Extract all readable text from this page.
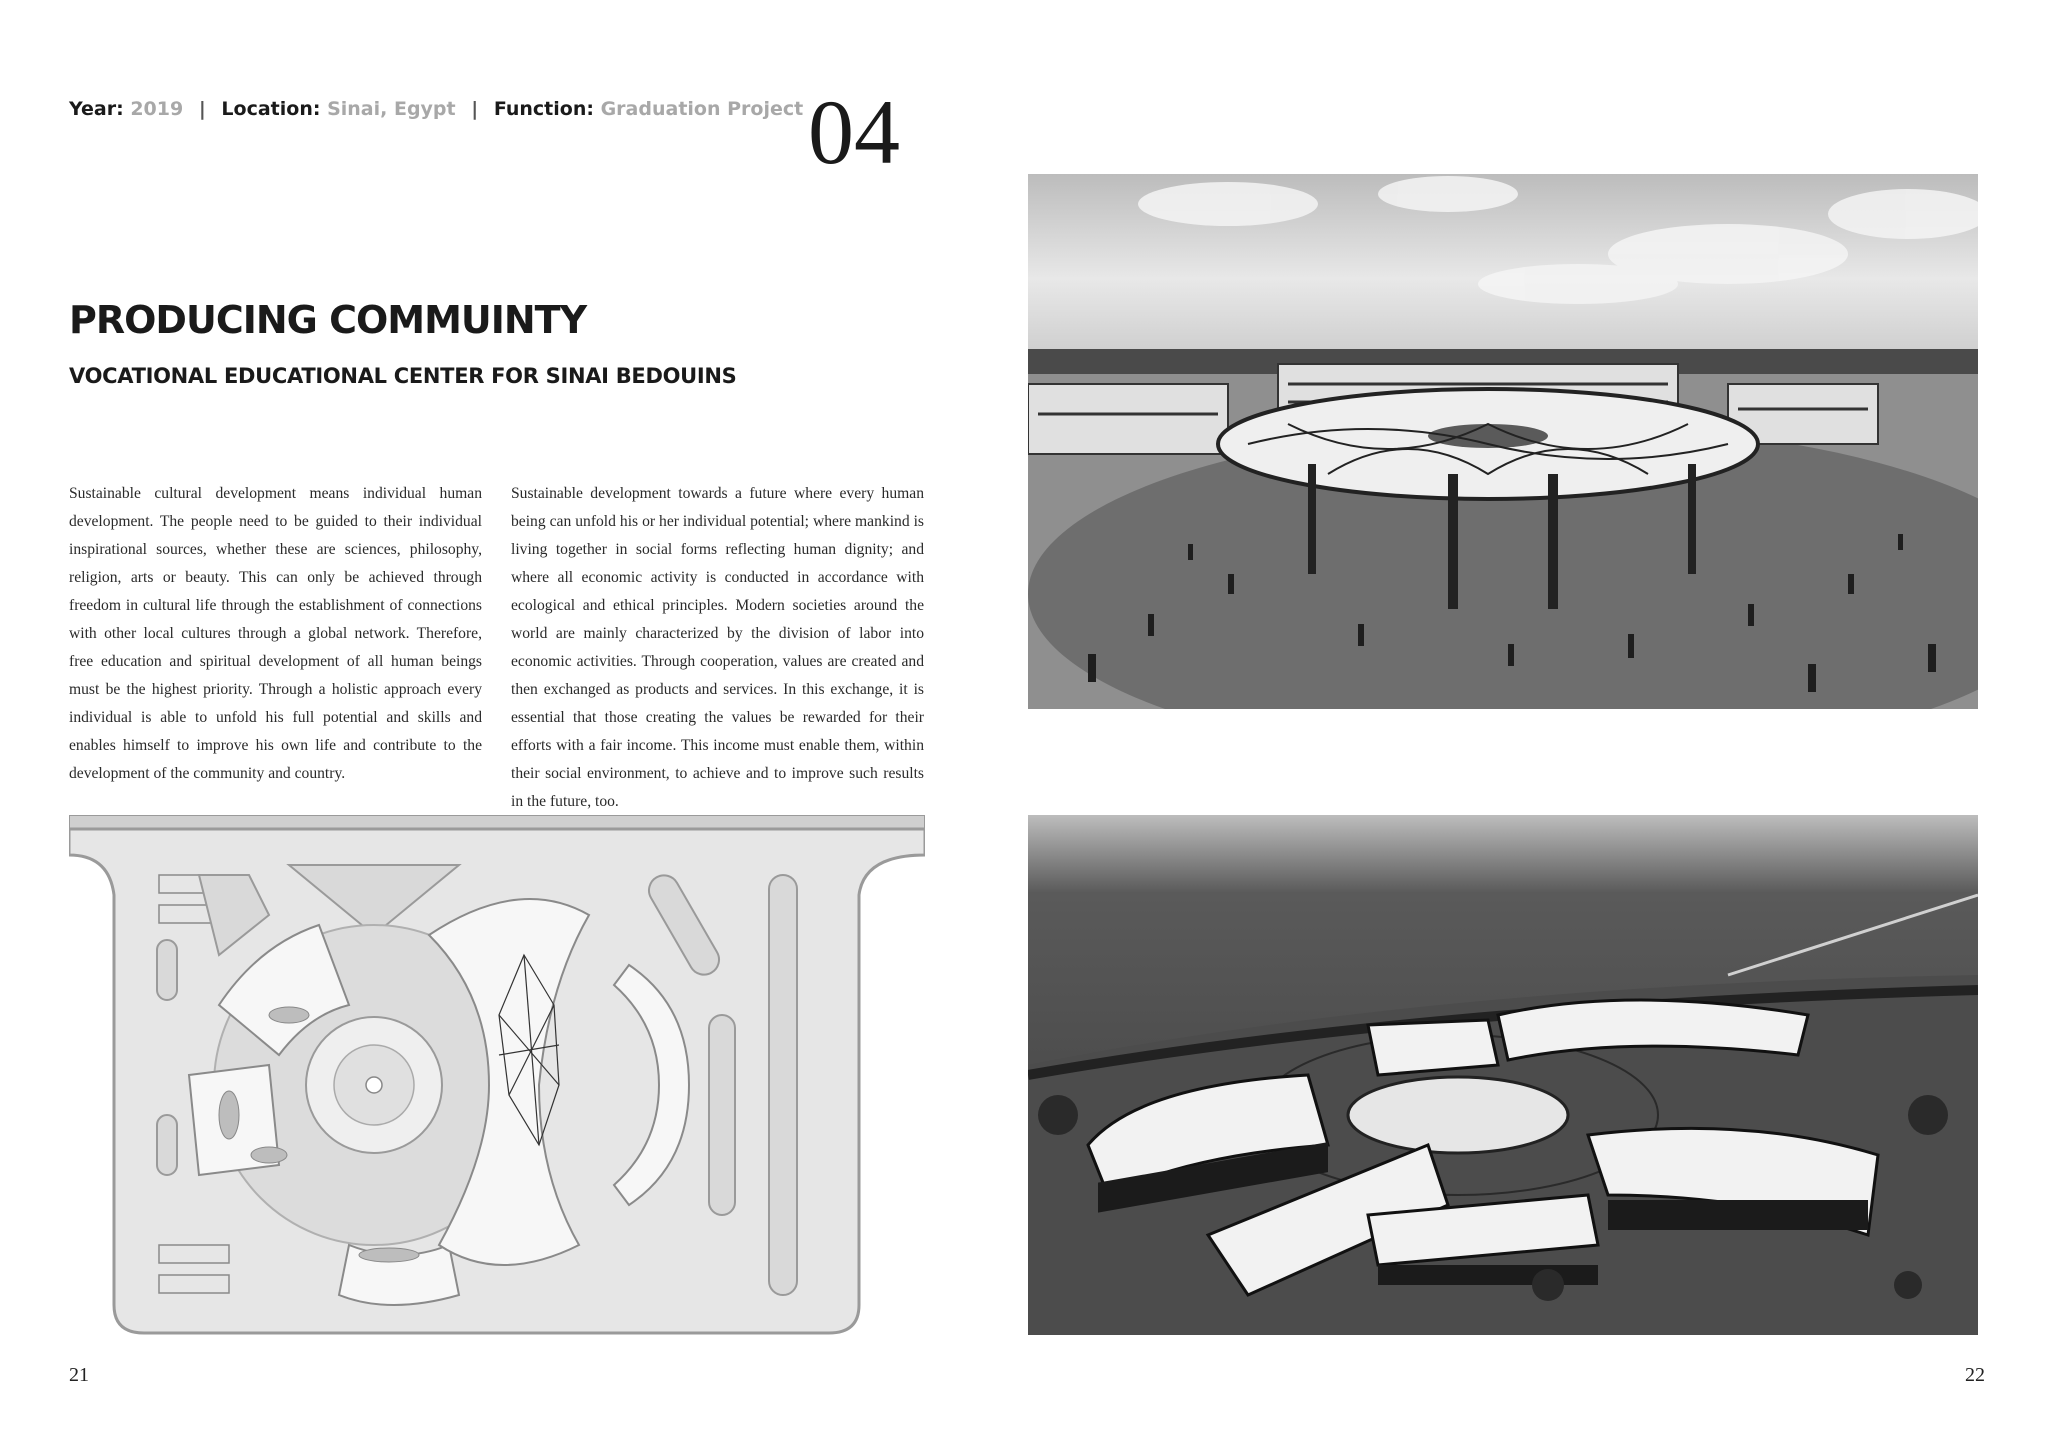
Year: 2019 | Location: Sinai, Egypt | Function: Graduation Project 04
PRODUCING COMMUINTY
VOCATIONAL EDUCATIONAL CENTER FOR SINAI BEDOUINS

Sustainable cultural development means individual human development. The people need to be guided to their individual inspirational sources, whether these are sciences, philosophy, religion, arts or beauty. This can only be achieved through freedom in cultural life through the establishment of connections with other local cultures through a global network. Therefore, free education and spiritual development of all human beings must be the highest priority. Through a holistic approach every individual is able to unfold his full potential and skills and enables himself to improve his own life and contribute to the development of the community and country.

Sustainable development towards a future where every human being can unfold his or her individual potential; where mankind is living together in social forms reflecting human dignity; and where all economic activity is conducted in accordance with ecological and ethical principles. Modern societies around the world are mainly characterized by the division of labor into economic activities. Through cooperation, values are created and then exchanged as products and services. In this exchange, it is essential that those creating the values be rewarded for their efforts with a fair income. This income must enable them, within their social environment, to achieve and to improve such results in the future, too.

21	22
